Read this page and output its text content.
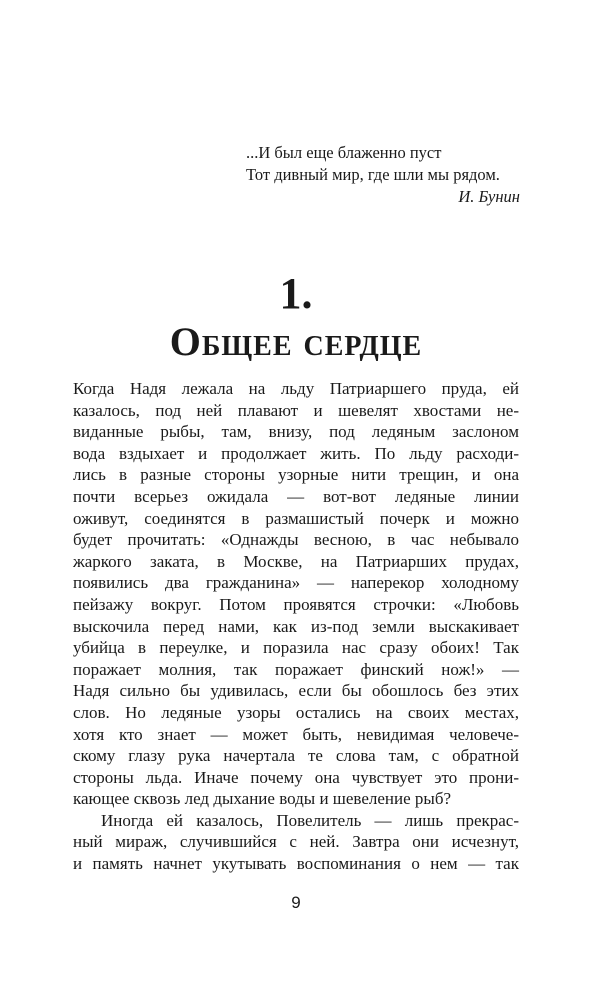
...И был еще блаженно пуст
Тот дивный мир, где шли мы рядом.
И. Бунин
1.
Общее сердце
Когда Надя лежала на льду Патриаршего пруда, ей
казалось, под ней плавают и шевелят хвостами не-
виданные рыбы, там, внизу, под ледяным заслоном
вода вздыхает и продолжает жить. По льду расходи-
лись в разные стороны узорные нити трещин, и она
почти всерьез ожидала — вот-вот ледяные линии
оживут, соединятся в размашистый почерк и можно
будет прочитать: «Однажды весною, в час небывало
жаркого заката, в Москве, на Патриарших прудах,
появились два гражданина» — наперекор холодному
пейзажу вокруг. Потом проявятся строчки: «Любовь
выскочила перед нами, как из-под земли выскакивает
убийца в переулке, и поразила нас сразу обоих! Так
поражает молния, так поражает финский нож!» —
Надя сильно бы удивилась, если бы обошлось без этих
слов. Но ледяные узоры остались на своих местах,
хотя кто знает — может быть, невидимая человече-
скому глазу рука начертала те слова там, с обратной
стороны льда. Иначе почему она чувствует это прони-
кающее сквозь лед дыхание воды и шевеление рыб?
Иногда ей казалось, Повелитель — лишь прекрас-
ный мираж, случившийся с ней. Завтра они исчезнут,
и память начнет укутывать воспоминания о нем — так
9
